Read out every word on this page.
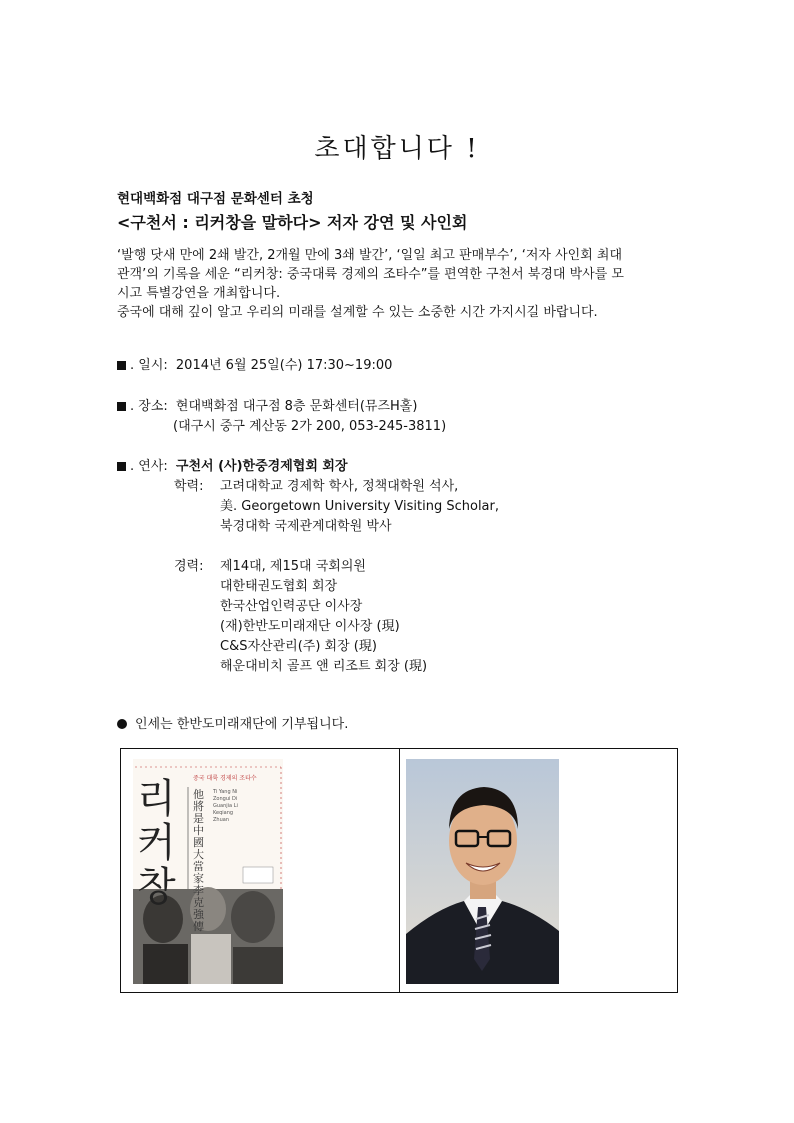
초대합니다 !
현대백화점 대구점 문화센터 초청
<구천서 : 리커창을 말하다> 저자 강연 및 사인회

‘발행 닷새 만에 2쇄 발간, 2개월 만에 3쇄 발간’, ‘일일 최고 판매부수’, ‘저자 사인회 최대

관객’의 기록을 세운 “리커창: 중국대륙 경제의 조타수”를 편역한 구천서 북경대 박사를 모

시고 특별강연을 개최합니다.

중국에 대해 깊이 알고 우리의 미래를 설계할 수 있는 소중한 시간 가지시길 바랍니다.

. 일시: 2014년 6월 25일(수) 17:30~19:00
. 장소: 현대백화점 대구점 8층 문화센터(뮤즈H홀)
(대구시 중구 계산동 2가 200, 053-245-3811)
. 연사: 구천서 (사)한중경제협회 회장
학력: 고려대학교 경제학 학사, 정책대학원 석사,
美. Georgetown University Visiting Scholar,
북경대학 국제관계대학원 박사
경력: 제14대, 제15대 국회의원
대한태권도협회 회장
한국산업인력공단 이사장
(재)한반도미래재단 이사장 (現)
C&S자산관리(주) 회장 (現)
해운대비치 골프 앤 리조트 회장 (現)
인세는 한반도미래재단에 기부됩니다.
리커창
중국 대륙 경제의 조타수
他將是中國大當家 李克強傳
Ti Yang Ni Zongui Di Guanjia Li Keqiang Zhuan
